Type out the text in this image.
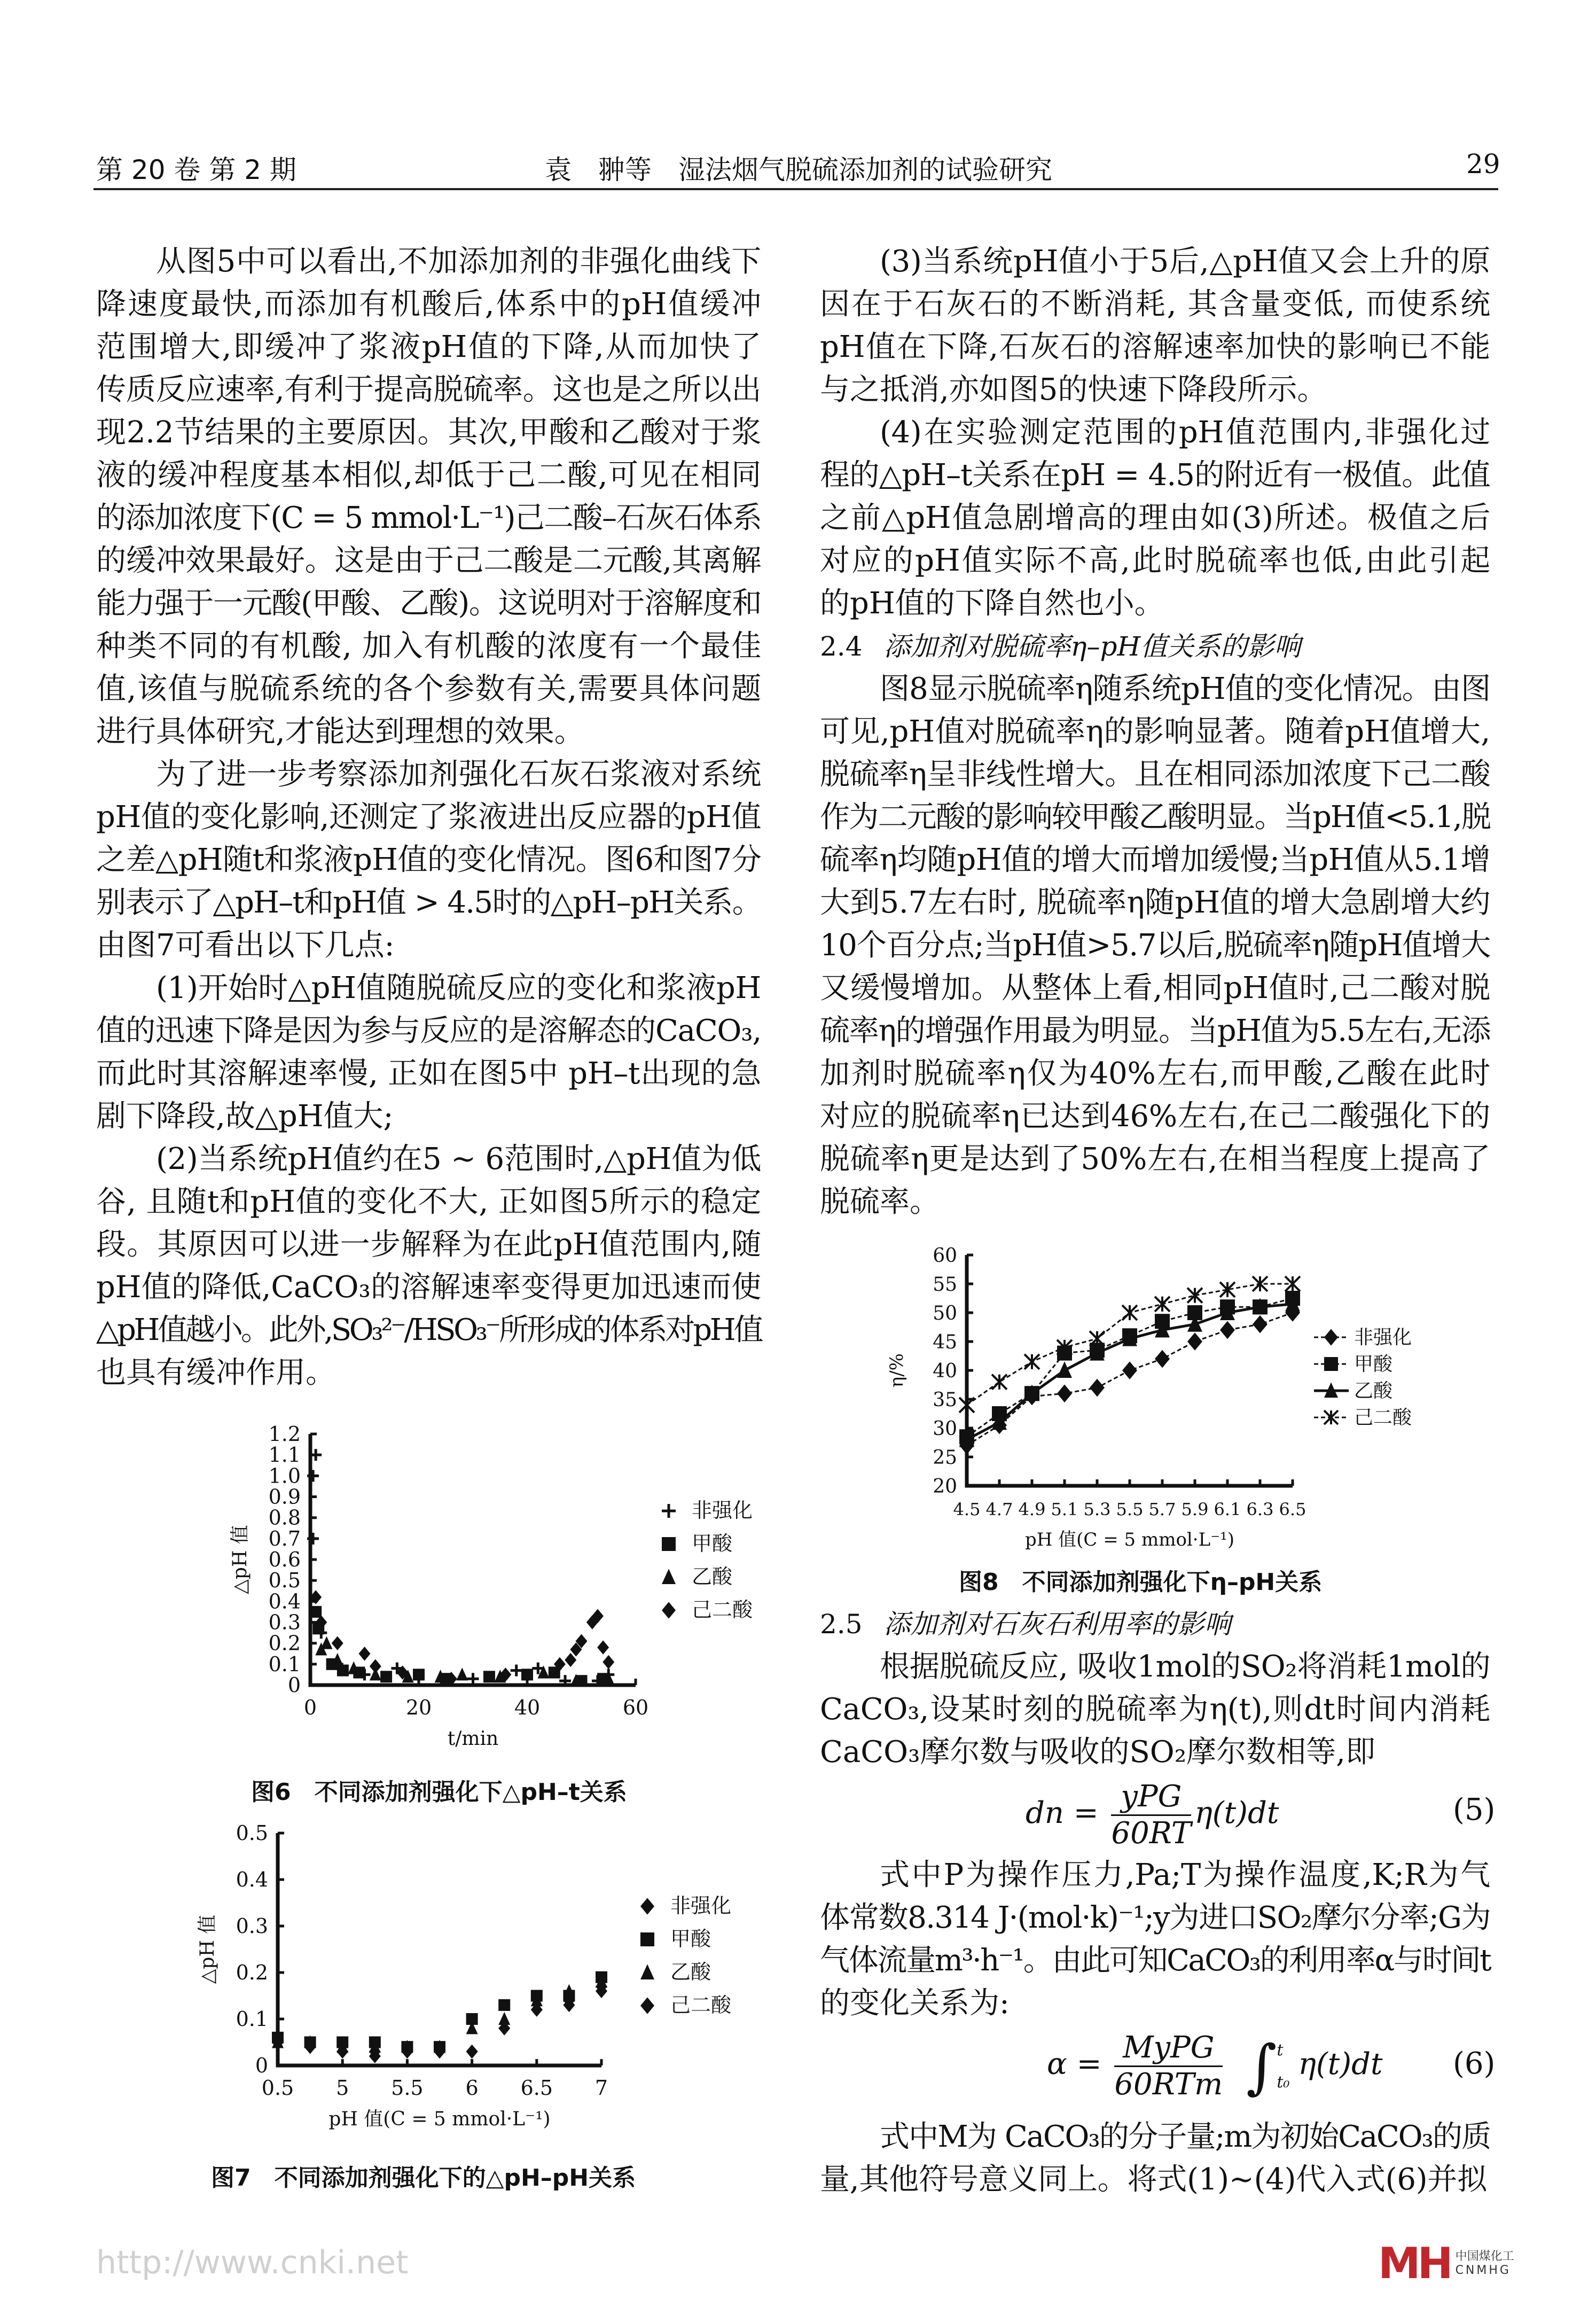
第 20 卷 第 2 期	袁　翀等　湿法烟气脱硫添加剂的试验研究	29
从图5中可以看出,不加添加剂的非强化曲线下
降速度最快,而添加有机酸后,体系中的pH值缓冲
范围增大,即缓冲了浆液pH值的下降,从而加快了
传质反应速率,有利于提高脱硫率。这也是之所以出
现2.2节结果的主要原因。其次,甲酸和乙酸对于浆
液的缓冲程度基本相似,却低于己二酸,可见在相同
的添加浓度下(C = 5 mmol·L⁻¹)己二酸–石灰石体系
的缓冲效果最好。这是由于己二酸是二元酸,其离解
能力强于一元酸(甲酸、乙酸)。这说明对于溶解度和
种类不同的有机酸, 加入有机酸的浓度有一个最佳
值,该值与脱硫系统的各个参数有关,需要具体问题
进行具体研究,才能达到理想的效果。
为了进一步考察添加剂强化石灰石浆液对系统
pH值的变化影响,还测定了浆液进出反应器的pH值
之差△pH随t和浆液pH值的变化情况。图6和图7分
别表示了△pH–t和pH值 > 4.5时的△pH–pH关系。
由图7可看出以下几点:
(1)开始时△pH值随脱硫反应的变化和浆液pH
值的迅速下降是因为参与反应的是溶解态的CaCO₃,
而此时其溶解速率慢, 正如在图5中 pH–t出现的急
剧下降段,故△pH值大;
(2)当系统pH值约在5 ~ 6范围时,△pH值为低
谷, 且随t和pH值的变化不大, 正如图5所示的稳定
段。其原因可以进一步解释为在此pH值范围内,随
pH值的降低,CaCO₃的溶解速率变得更加迅速而使
△pH值越小。此外,SO₃²⁻/HSO₃⁻所形成的体系对pH值
也具有缓冲作用。
(3)当系统pH值小于5后,△pH值又会上升的原
因在于石灰石的不断消耗, 其含量变低, 而使系统
pH值在下降,石灰石的溶解速率加快的影响已不能
与之抵消,亦如图5的快速下降段所示。
(4)在实验测定范围的pH值范围内,非强化过
程的△pH–t关系在pH = 4.5的附近有一极值。此值
之前△pH值急剧增高的理由如(3)所述。极值之后
对应的pH值实际不高,此时脱硫率也低,由此引起
的pH值的下降自然也小。
2.4 添加剂对脱硫率η–pH值关系的影响
图8显示脱硫率η随系统pH值的变化情况。由图
可见,pH值对脱硫率η的影响显著。随着pH值增大,
脱硫率η呈非线性增大。且在相同添加浓度下己二酸
作为二元酸的影响较甲酸乙酸明显。当pH值<5.1,脱
硫率η均随pH值的增大而增加缓慢;当pH值从5.1增
大到5.7左右时, 脱硫率η随pH值的增大急剧增大约
10个百分点;当pH值>5.7以后,脱硫率η随pH值增大
又缓慢增加。从整体上看,相同pH值时,己二酸对脱
硫率η的增强作用最为明显。当pH值为5.5左右,无添
加剂时脱硫率η仅为40%左右,而甲酸,乙酸在此时
对应的脱硫率η已达到46%左右,在己二酸强化下的
脱硫率η更是达到了50%左右,在相当程度上提高了
脱硫率。
2.5 添加剂对石灰石利用率的影响
根据脱硫反应, 吸收1mol的SO₂将消耗1mol的
CaCO₃,设某时刻的脱硫率为η(t),则dt时间内消耗
CaCO₃摩尔数与吸收的SO₂摩尔数相等,即
dn = $\frac{\text{yPG}}{60RT} \eta(t)dt$	(5)
式中P为操作压力,Pa;T为操作温度,K;R为气
体常数8.314 J·(mol·k)⁻¹;y为进口SO₂摩尔分率;G为
气体流量m³·h⁻¹。由此可知CaCO₃的利用率α与时间t
的变化关系为:
$\alpha = \frac{\text{MyPG}}{\text{60RTm}}$ ∫ t
t₀
η(t)dt (6)
式中M为 CaCO₃的分子量;m为初始CaCO₃的质
量,其他符号意义同上。将式(1)~(4)代入式(6)并拟
图6　不同添加剂强化下△pH–t关系
图7　不同添加剂强化下的△pH–pH关系
图8　不同添加剂强化下η–pH关系
0
0.1
0.2
0.3
0.4
0.5
0.6
0.7
0.8
0.9
1.0
1.1
1.2
0	20	40	60
t/min
△pH 值
非强化
甲酸
乙酸
己二酸
0
0.1
0.2
0.3
0.4
0.5
0.5 5 5.5 6 6.5 7
pH 值(C = 5 mmol·L⁻¹)
△pH 值
非强化
甲酸
乙酸
己二酸
20
25
30
35
40
45
50
55
60
4.5 4.7 4.9 5.1 5.3 5.5 5.7 5.9 6.1 6.3 6.5
pH 值(C = 5 mmol·L⁻¹)
η/%
非强化
甲酸
乙酸
己二酸
http://www.cnki.net	MH 中国煤化工
CNMHG
